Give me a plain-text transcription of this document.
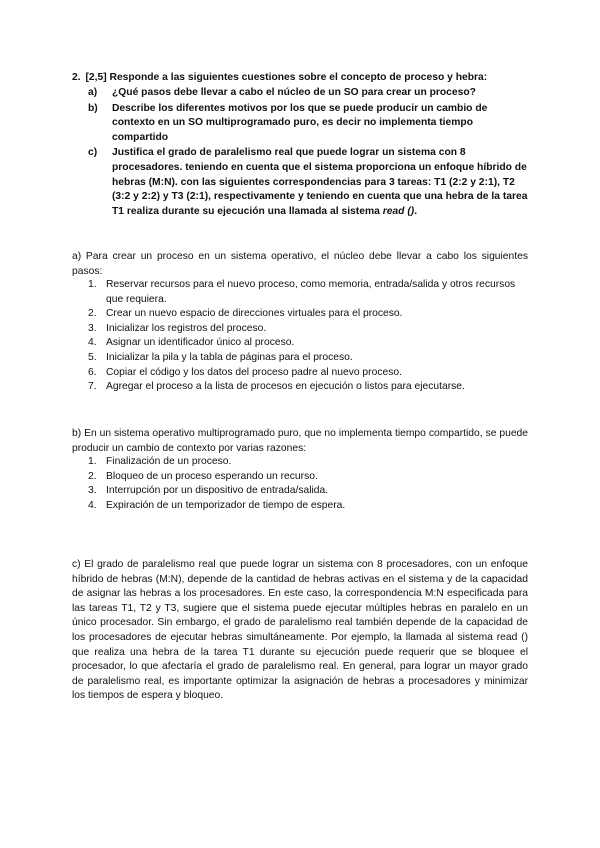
2. [2,5] Responde a las siguientes cuestiones sobre el concepto de proceso y hebra:
a) ¿Qué pasos debe llevar a cabo el núcleo de un SO para crear un proceso?
b) Describe los diferentes motivos por los que se puede producir un cambio de contexto en un SO multiprogramado puro, es decir no implementa tiempo compartido
c) Justifica el grado de paralelismo real que puede lograr un sistema con 8 procesadores. teniendo en cuenta que el sistema proporciona un enfoque híbrido de hebras (M:N). con las siguientes correspondencias para 3 tareas: T1 (2:2 y 2:1), T2 (3:2 y 2:2) y T3 (2:1), respectivamente y teniendo en cuenta que una hebra de la tarea T1 realiza durante su ejecución una llamada al sistema read ().

a) Para crear un proceso en un sistema operativo, el núcleo debe llevar a cabo los siguientes pasos:

1. Reservar recursos para el nuevo proceso, como memoria, entrada/salida y otros recursos que requiera.
2. Crear un nuevo espacio de direcciones virtuales para el proceso.
3. Inicializar los registros del proceso.
4. Asignar un identificador único al proceso.
5. Inicializar la pila y la tabla de páginas para el proceso.
6. Copiar el código y los datos del proceso padre al nuevo proceso.
7. Agregar el proceso a la lista de procesos en ejecución o listos para ejecutarse.

b) En un sistema operativo multiprogramado puro, que no implementa tiempo compartido, se puede producir un cambio de contexto por varias razones:

1. Finalización de un proceso.
2. Bloqueo de un proceso esperando un recurso.
3. Interrupción por un dispositivo de entrada/salida.
4. Expiración de un temporizador de tiempo de espera.

c) El grado de paralelismo real que puede lograr un sistema con 8 procesadores, con un enfoque híbrido de hebras (M:N), depende de la cantidad de hebras activas en el sistema y de la capacidad de asignar las hebras a los procesadores. En este caso, la correspondencia M:N especificada para las tareas T1, T2 y T3, sugiere que el sistema puede ejecutar múltiples hebras en paralelo en un único procesador. Sin embargo, el grado de paralelismo real también depende de la capacidad de los procesadores de ejecutar hebras simultáneamente. Por ejemplo, la llamada al sistema read () que realiza una hebra de la tarea T1 durante su ejecución puede requerir que se bloquee el procesador, lo que afectaría el grado de paralelismo real. En general, para lograr un mayor grado de paralelismo real, es importante optimizar la asignación de hebras a procesadores y minimizar los tiempos de espera y bloqueo.
